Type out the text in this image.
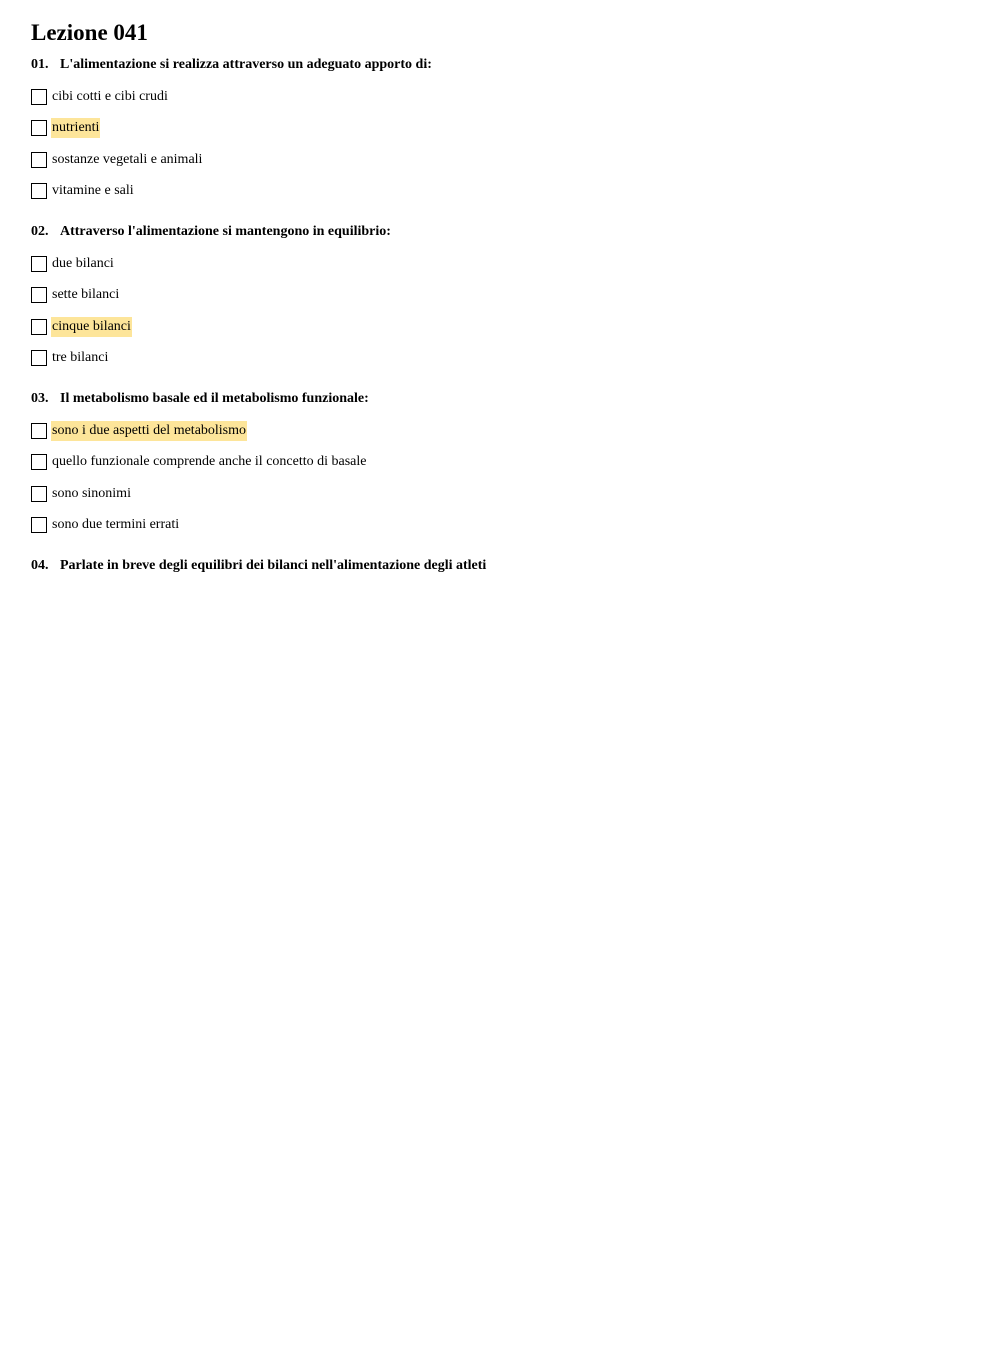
Lezione 041
01. L'alimentazione si realizza attraverso un adeguato apporto di:
cibi cotti e cibi crudi
nutrienti
sostanze vegetali e animali
vitamine e sali
02. Attraverso l'alimentazione si mantengono in equilibrio:
due bilanci
sette bilanci
cinque bilanci
tre bilanci
03. Il metabolismo basale ed il metabolismo funzionale:
sono i due aspetti del metabolismo
quello funzionale comprende anche il concetto di basale
sono sinonimi
sono due termini errati
04. Parlate in breve degli equilibri dei bilanci nell'alimentazione degli atleti
